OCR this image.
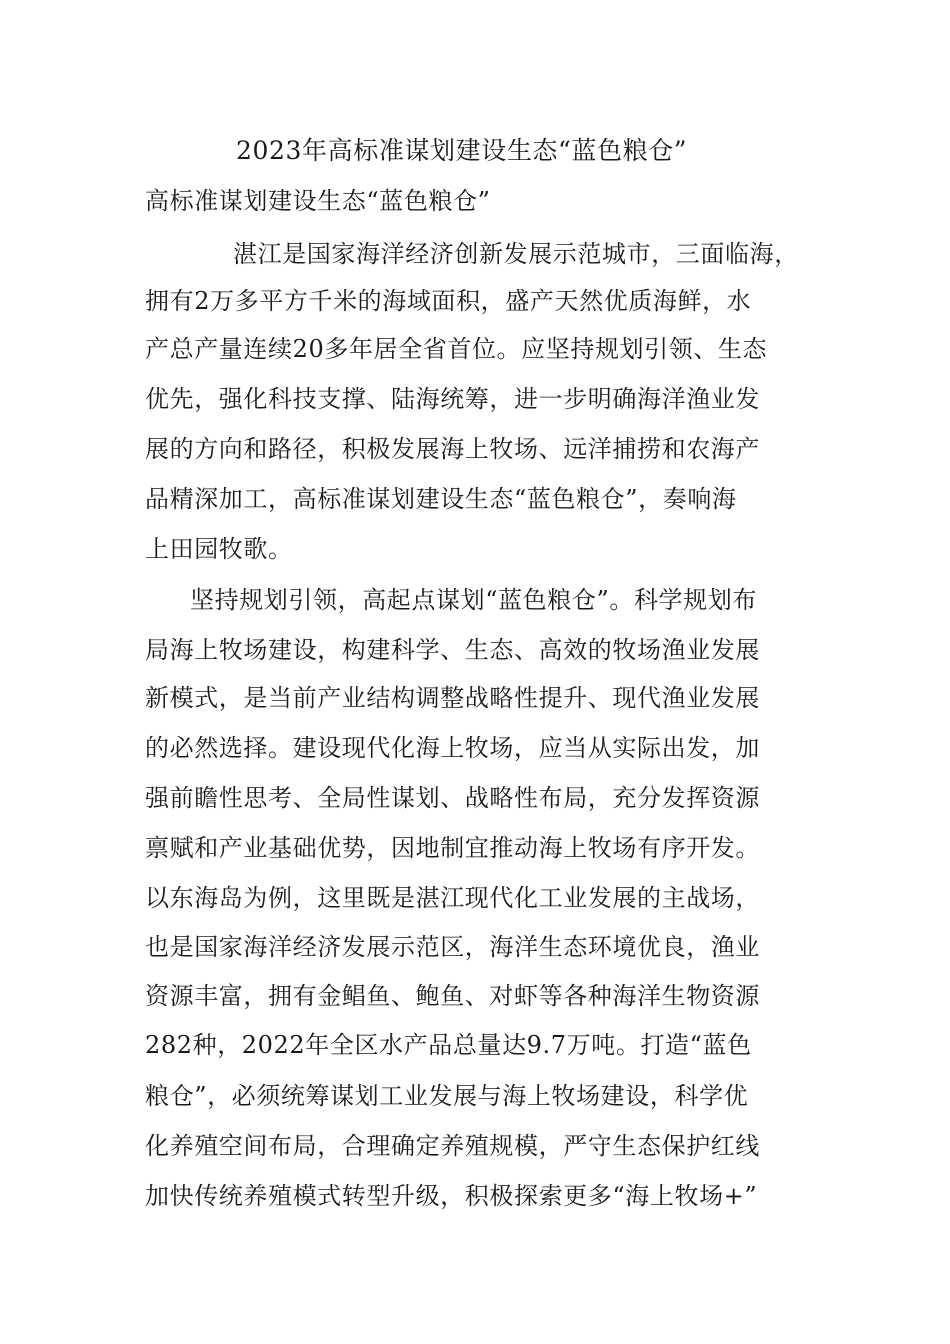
2023年高标准谋划建设生态“蓝色粮仓”
高标准谋划建设生态“蓝色粮仓”
湛江是国家海洋经济创新发展示范城市，三面临海，
拥有2万多平方千米的海域面积，盛产天然优质海鲜，水
产总产量连续20多年居全省首位。应坚持规划引领、生态
优先，强化科技支撑、陆海统筹，进一步明确海洋渔业发
展的方向和路径，积极发展海上牧场、远洋捕捞和农海产
品精深加工，高标准谋划建设生态“蓝色粮仓”，奏响海
上田园牧歌。
坚持规划引领，高起点谋划“蓝色粮仓”。科学规划布
局海上牧场建设，构建科学、生态、高效的牧场渔业发展
新模式，是当前产业结构调整战略性提升、现代渔业发展
的必然选择。建设现代化海上牧场，应当从实际出发，加
强前瞻性思考、全局性谋划、战略性布局，充分发挥资源
禀赋和产业基础优势，因地制宜推动海上牧场有序开发。
以东海岛为例，这里既是湛江现代化工业发展的主战场，
也是国家海洋经济发展示范区，海洋生态环境优良，渔业
资源丰富，拥有金鲳鱼、鲍鱼、对虾等各种海洋生物资源
282种，2022年全区水产品总量达9.7万吨。打造“蓝色
粮仓”，必须统筹谋划工业发展与海上牧场建设，科学优
化养殖空间布局，合理确定养殖规模，严守生态保护红线
加快传统养殖模式转型升级，积极探索更多“海上牧场+”
